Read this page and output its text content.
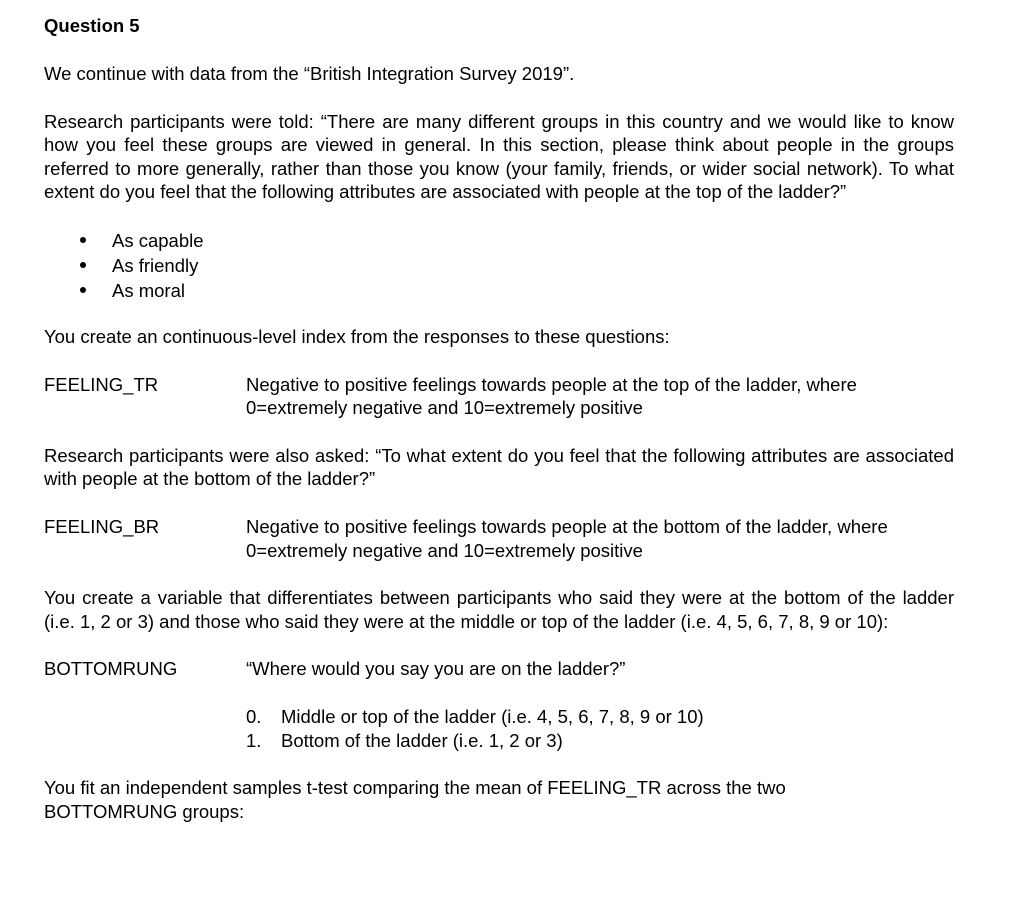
Question 5

We continue with data from the “British Integration Survey 2019”.

Research participants were told: “There are many different groups in this country and we would like to know how you feel these groups are viewed in general. In this section, please think about people in the groups referred to more generally, rather than those you know (your family, friends, or wider social network). To what extent do you feel that the following attributes are associated with people at the top of the ladder?”

As capable
As friendly
As moral

You create an continuous-level index from the responses to these questions:

FEELING_TR	Negative to positive feelings towards people at the top of the ladder, where 0=extremely negative and 10=extremely positive

Research participants were also asked: “To what extent do you feel that the following attributes are associated with people at the bottom of the ladder?”

FEELING_BR	Negative to positive feelings towards people at the bottom of the ladder, where 0=extremely negative and 10=extremely positive

You create a variable that differentiates between participants who said they were at the bottom of the ladder (i.e. 1, 2 or 3) and those who said they were at the middle or top of the ladder (i.e. 4, 5, 6, 7, 8, 9 or 10):

BOTTOMRUNG	“Where would you say you are on the ladder?”
0.	Middle or top of the ladder (i.e. 4, 5, 6, 7, 8, 9 or 10)
1.	Bottom of the ladder (i.e. 1, 2 or 3)

You fit an independent samples t-test comparing the mean of FEELING_TR across the two BOTTOMRUNG groups:
